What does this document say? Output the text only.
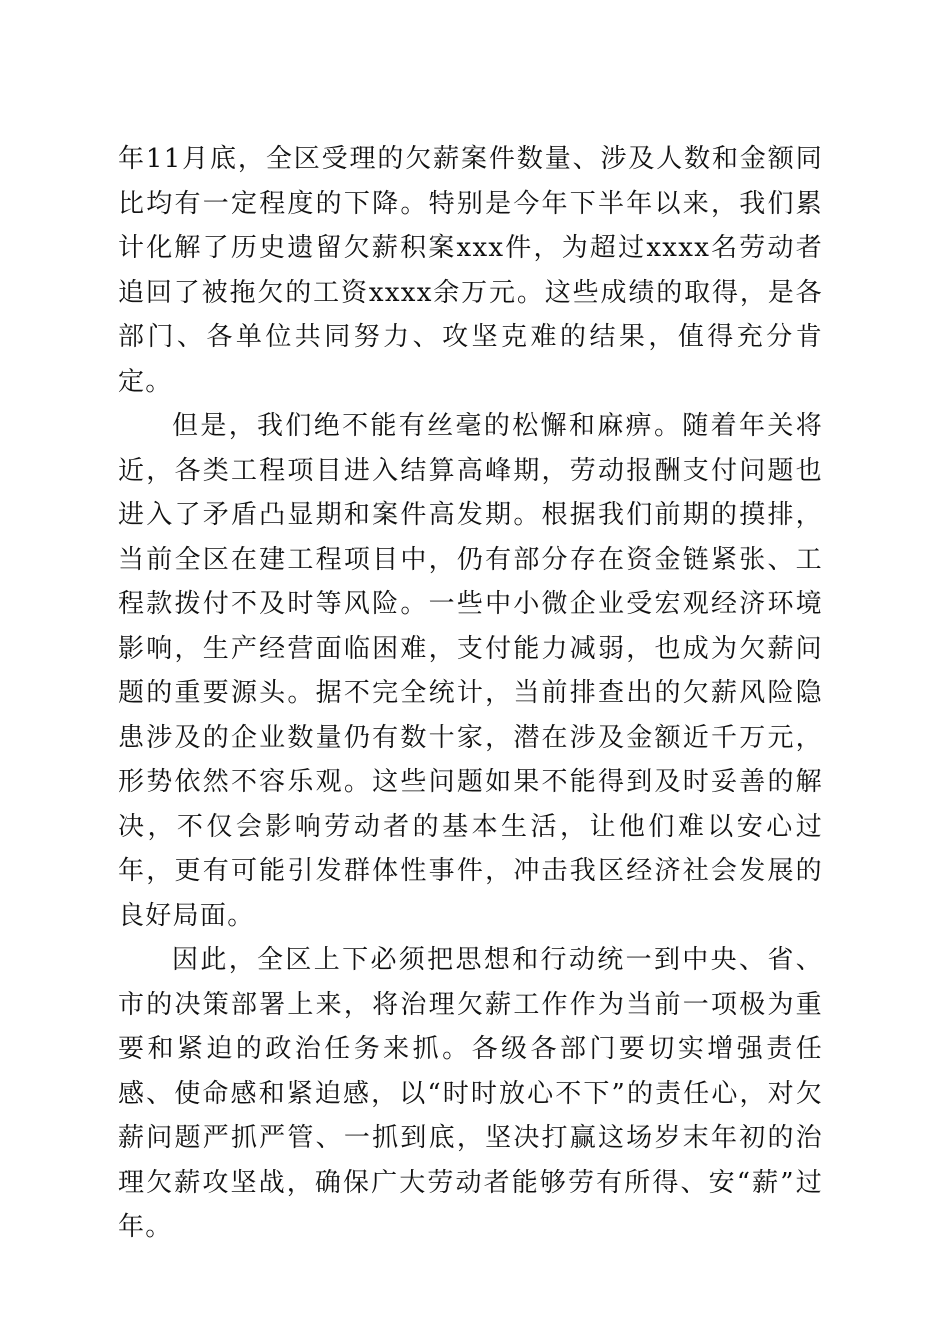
年11月底，全区受理的欠薪案件数量、涉及人数和金额同比均有一定程度的下降。特别是今年下半年以来，我们累计化解了历史遗留欠薪积案xxx件，为超过xxxx名劳动者追回了被拖欠的工资xxxx余万元。这些成绩的取得，是各部门、各单位共同努力、攻坚克难的结果，值得充分肯定。

但是，我们绝不能有丝毫的松懈和麻痹。随着年关将近，各类工程项目进入结算高峰期，劳动报酬支付问题也进入了矛盾凸显期和案件高发期。根据我们前期的摸排，当前全区在建工程项目中，仍有部分存在资金链紧张、工程款拨付不及时等风险。一些中小微企业受宏观经济环境影响，生产经营面临困难，支付能力减弱，也成为欠薪问题的重要源头。据不完全统计，当前排查出的欠薪风险隐患涉及的企业数量仍有数十家，潜在涉及金额近千万元，形势依然不容乐观。这些问题如果不能得到及时妥善的解决，不仅会影响劳动者的基本生活，让他们难以安心过年，更有可能引发群体性事件，冲击我区经济社会发展的良好局面。

因此，全区上下必须把思想和行动统一到中央、省、市的决策部署上来，将治理欠薪工作作为当前一项极为重要和紧迫的政治任务来抓。各级各部门要切实增强责任感、使命感和紧迫感，以“时时放心不下”的责任心，对欠薪问题严抓严管、一抓到底，坚决打赢这场岁末年初的治理欠薪攻坚战，确保广大劳动者能够劳有所得、安“薪”过年。
